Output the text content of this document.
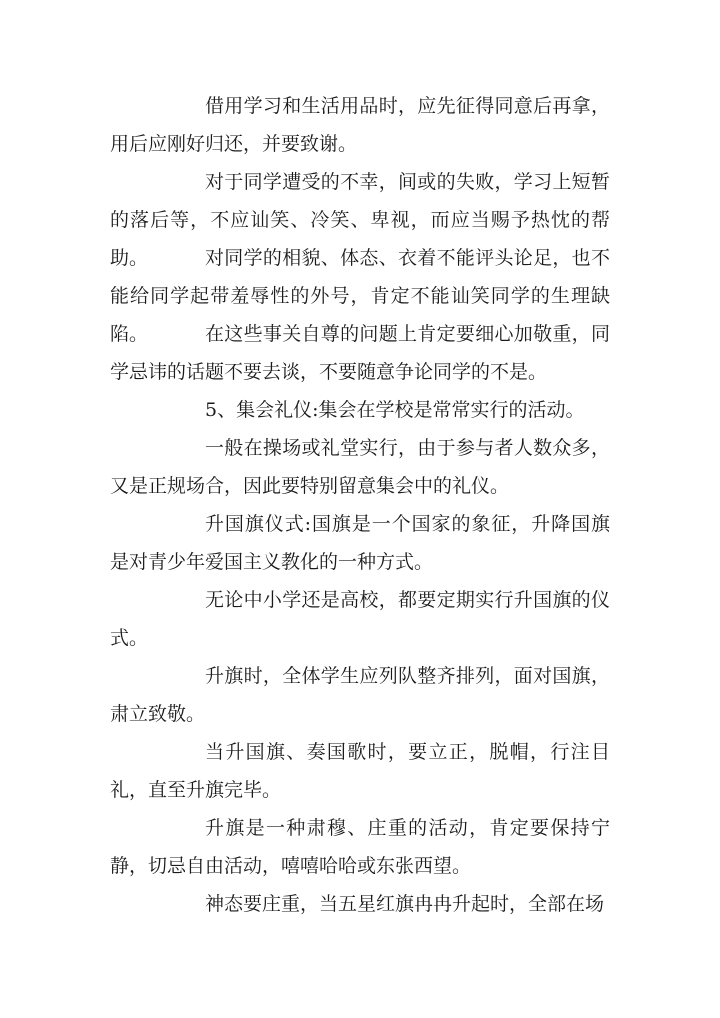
借用学习和生活用品时，应先征得同意后再拿，用后应刚好归还，并要致谢。

对于同学遭受的不幸，间或的失败，学习上短暂的落后等，不应讪笑、冷笑、卑视，而应当赐予热忱的帮助。	对同学的相貌、体态、衣着不能评头论足，也不能给同学起带羞辱性的外号，肯定不能讪笑同学的生理缺陷。	在这些事关自尊的问题上肯定要细心加敬重，同学忌讳的话题不要去谈，不要随意争论同学的不是。

5、集会礼仪:集会在学校是常常实行的活动。

一般在操场或礼堂实行，由于参与者人数众多，又是正规场合，因此要特别留意集会中的礼仪。

升国旗仪式:国旗是一个国家的象征，升降国旗是对青少年爱国主义教化的一种方式。

无论中小学还是高校，都要定期实行升国旗的仪式。

升旗时，全体学生应列队整齐排列，面对国旗，肃立致敬。

当升国旗、奏国歌时，要立正，脱帽，行注目礼，直至升旗完毕。

升旗是一种肃穆、庄重的活动，肯定要保持宁静，切忌自由活动，嘻嘻哈哈或东张西望。

神态要庄重，当五星红旗冉冉升起时，全部在场
